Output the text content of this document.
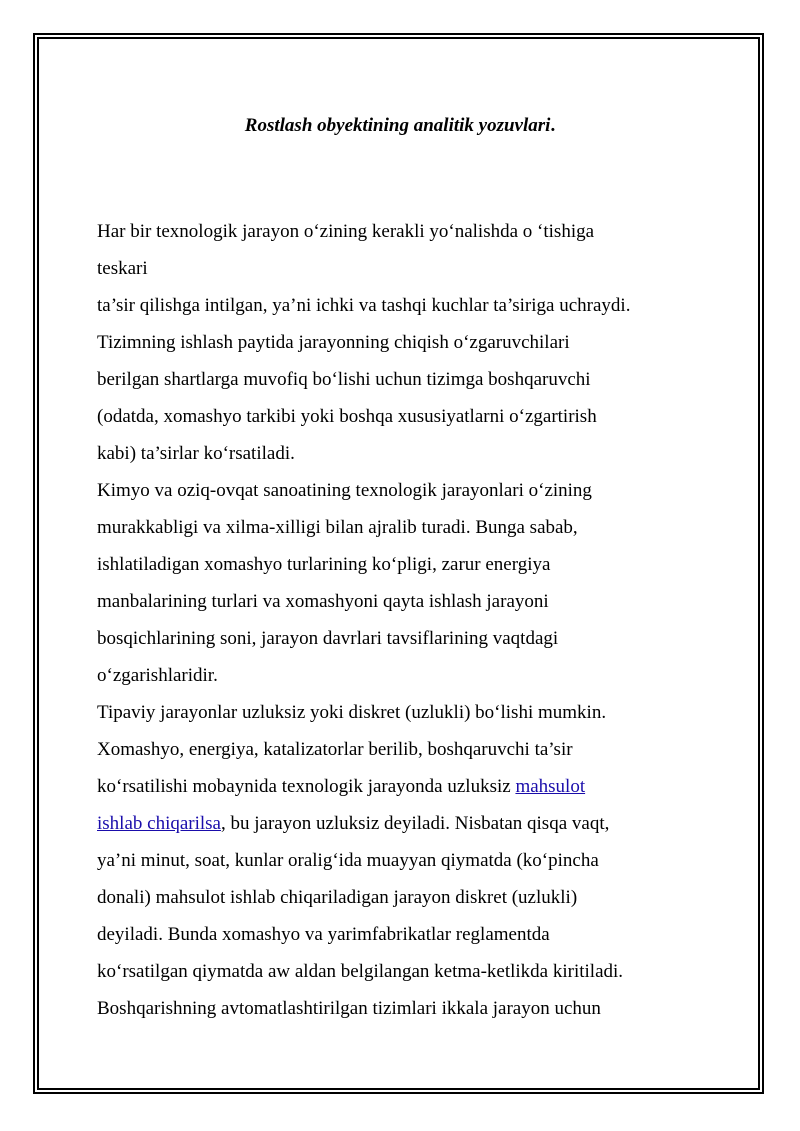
Rostlash obyektining analitik yozuvlari.
Har bir texnologik jarayon o‘zining kerakli yo‘nalishda o ‘tishiga
teskari
ta’sir qilishga intilgan, ya’ni ichki va tashqi kuchlar ta’siriga uchraydi.
Tizimning ishlash paytida jarayonning chiqish o‘zgaruvchilari
berilgan shartlarga muvofiq bo‘lishi uchun tizimga boshqaruvchi
(odatda, xomashyo tarkibi yoki boshqa xususiyatlarni o‘zgartirish
kabi) ta’sirlar ko‘rsatiladi.
Kimyo va oziq-ovqat sanoatining texnologik jarayonlari o‘zining
murakkabligi va xilma-xilligi bilan ajralib turadi. Bunga sabab,
ishlatiladigan xomashyo turlarining ko‘pligi, zarur energiya
manbalarining turlari va xomashyoni qayta ishlash jarayoni
bosqichlarining soni, jarayon davrlari tavsiflarining vaqtdagi
o‘zgarishlaridir.
Tipaviy jarayonlar uzluksiz yoki diskret (uzlukli) bo‘lishi mumkin.
Xomashyo, energiya, katalizatorlar berilib, boshqaruvchi ta’sir
ko‘rsatilishi mobaynida texnologik jarayonda uzluksiz mahsulot
ishlab chiqarilsa, bu jarayon uzluksiz deyiladi. Nisbatan qisqa vaqt,
ya’ni minut, soat, kunlar oralig‘ida muayyan qiymatda (ko‘pincha
donali) mahsulot ishlab chiqariladigan jarayon diskret (uzlukli)
deyiladi. Bunda xomashyo va yarimfabrikatlar reglamentda
ko‘rsatilgan qiymatda aw aldan belgilangan ketma-ketlikda kiritiladi.
Boshqarishning avtomatlashtirilgan tizimlari ikkala jarayon uchun
